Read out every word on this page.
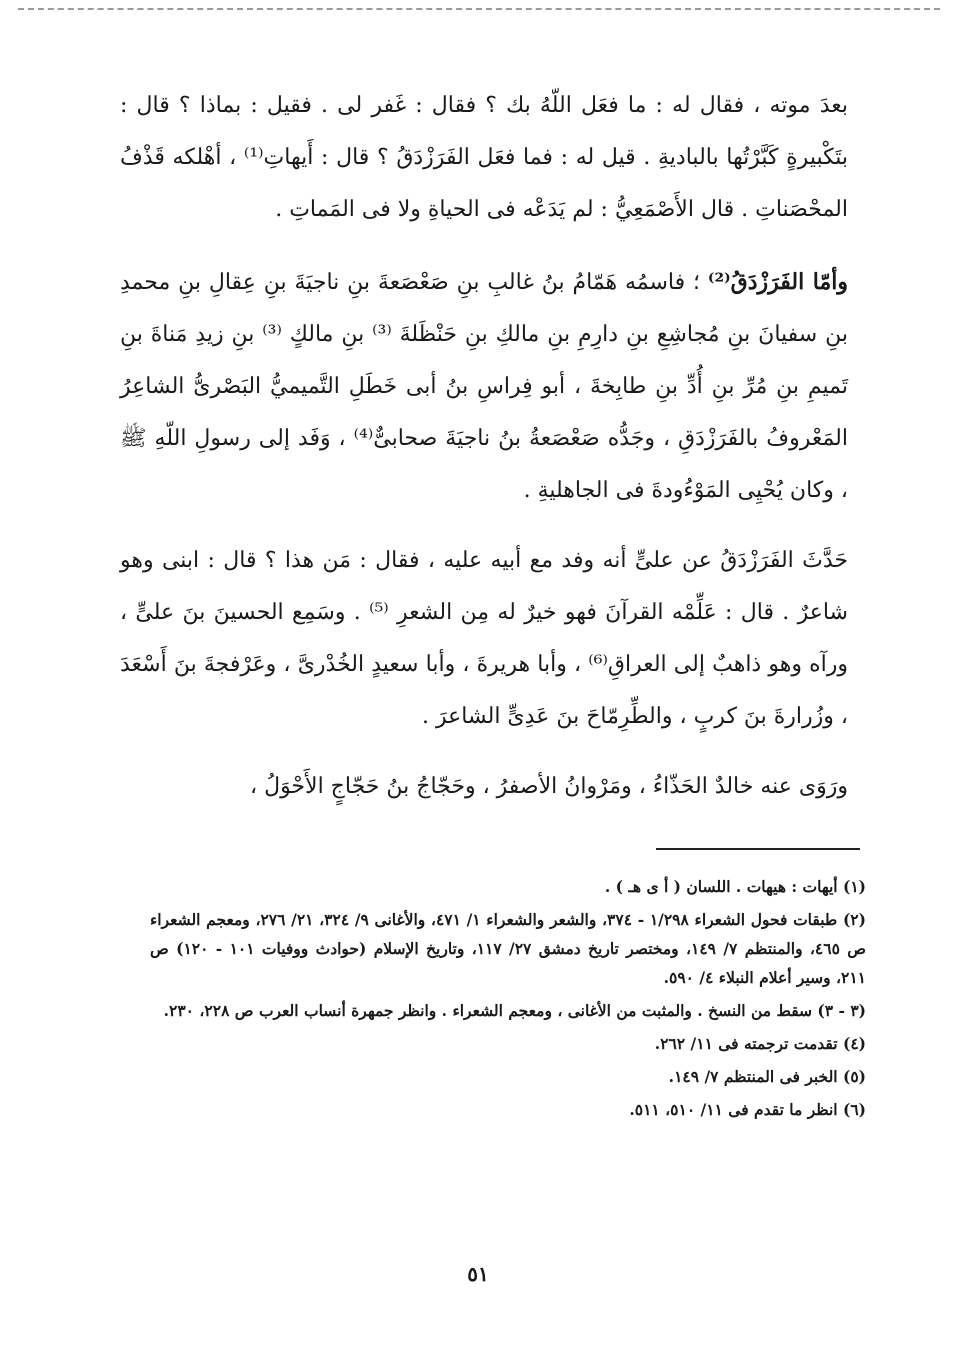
بعدَ موته ، فقال له : ما فعَل اللّهُ بك ؟ فقال : غَفر لى . فقيل : بماذا ؟ قال : بتَكْبيرةٍ كَبَّرْتُها بالباديةِ . قيل له : فما فعَل الفَرَزْدَقُ ؟ قال : أَيهاتِ⁽¹⁾ ، أهْلكه قَذْفُ المحْصَناتِ . قال الأَصْمَعِيُّ : لم يَدَعْه فى الحياةِ ولا فى المَماتِ .

وأمّا الفَرَزْدَقُ⁽²⁾ ؛ فاسمُه هَمّامُ بنُ غالبِ بنِ صَعْصَعةَ بنِ ناجيَةَ بنِ عِقالِ بنِ محمدِ بنِ سفيانَ بنِ مُجاشِعِ بنِ دارِمِ بنِ مالكِ بنِ حَنْظَلةَ ⁽³⁾ بنِ مالكٍ ⁽³⁾ بنِ زيدِ مَناةَ بنِ تَميمِ بنِ مُرِّ بنِ أُدِّ بنِ طابِخةَ ، أبو فِراسِ بنُ أبى خَطَلِ التَّميميُّ البَصْرىُّ الشاعِرُ المَعْروفُ بالفَرَزْدَقِ ، وجَدُّه صَعْصَعةُ بنُ ناجيَةَ صحابىٌّ⁽⁴⁾ ، وَفَد إلى رسولِ اللّهِ ﷺ ، وكان يُحْيِى المَوْءُودةَ فى الجاهليةِ .

حَدَّثَ الفَرَزْدَقُ عن علىٍّ أنه وفد مع أبيه عليه ، فقال : مَن هذا ؟ قال : ابنى وهو شاعرٌ . قال : عَلِّمْه القرآنَ فهو خيرٌ له مِن الشعرِ ⁽⁵⁾ . وسَمِع الحسينَ بنَ علىٍّ ، ورآه وهو ذاهبٌ إلى العراقِ⁽⁶⁾ ، وأبا هريرةَ ، وأبا سعيدٍ الخُدْرىَّ ، وعَرْفجةَ بنَ أَسْعَدَ ، وزُرارةَ بنَ كربٍ ، والطِّرِمّاحَ بنَ عَدِىٍّ الشاعرَ .

ورَوَى عنه خالدٌ الحَذّاءُ ، ومَرْوانُ الأصفرُ ، وحَجّاجُ بنُ حَجّاجٍ الأَحْوَلُ ،

(١) أيهات : هيهات . اللسان ( أ ى هـ ) .

(٢) طبقات فحول الشعراء ١/٢٩٨ - ٣٧٤، والشعر والشعراء ١/ ٤٧١، والأغانى ٩/ ٣٢٤، ٢١/ ٢٧٦، ومعجم الشعراء ص ٤٦٥، والمنتظم ٧/ ١٤٩، ومختصر تاريخ دمشق ٢٧/ ١١٧، وتاريخ الإسلام (حوادث ووفيات ١٠١ - ١٢٠) ص ٢١١، وسير أعلام النبلاء ٤/ ٥٩٠.

(٣ - ٣) سقط من النسخ . والمثبت من الأغانى ، ومعجم الشعراء . وانظر جمهرة أنساب العرب ص ٢٢٨، ٢٣٠.

(٤) تقدمت ترجمته فى ١١/ ٢٦٢.

(٥) الخبر فى المنتظم ٧/ ١٤٩.

(٦) انظر ما تقدم فى ١١/ ٥١٠، ٥١١.

٥١
